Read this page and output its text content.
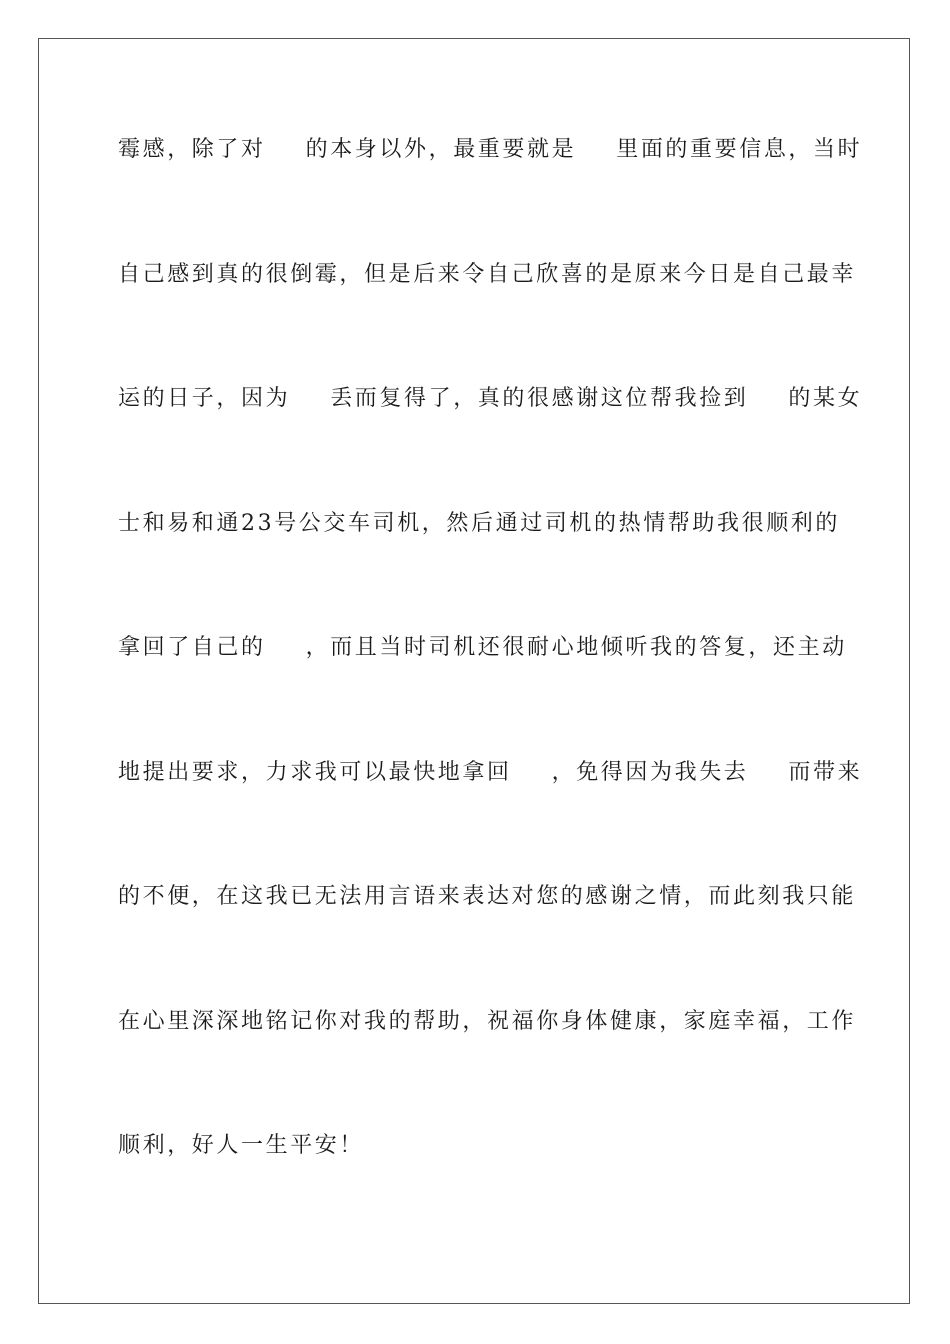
霉感，除了对 的本身以外，最重要就是 里面的重要信息，当时
自己感到真的很倒霉，但是后来令自己欣喜的是原来今日是自己最幸
运的日子，因为 丢而复得了，真的很感谢这位帮我捡到 的某女
士和易和通23号公交车司机，然后通过司机的热情帮助我很顺利的
拿回了自己的 ，而且当时司机还很耐心地倾听我的答复，还主动
地提出要求，力求我可以最快地拿回 ，免得因为我失去 而带来
的不便，在这我已无法用言语来表达对您的感谢之情，而此刻我只能
在心里深深地铭记你对我的帮助，祝福你身体健康，家庭幸福，工作
顺利，好人一生平安！
